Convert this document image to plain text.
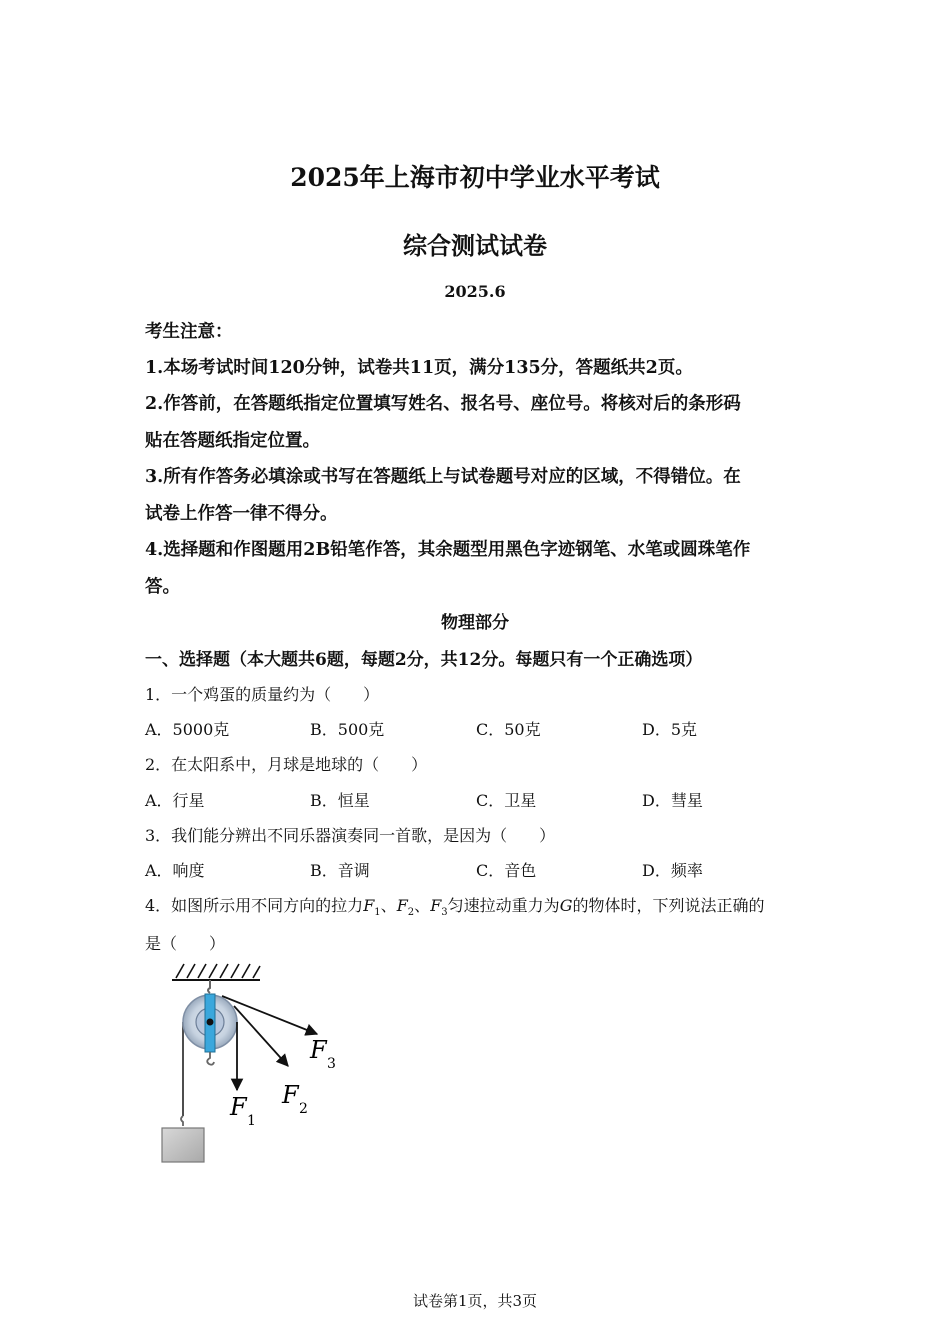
2025年上海市初中学业水平考试
综合测试试卷
2025.6
考生注意：
1.本场考试时间120分钟，试卷共11页，满分135分，答题纸共2页。
2.作答前，在答题纸指定位置填写姓名、报名号、座位号。将核对后的条形码
贴在答题纸指定位置。
3.所有作答务必填涂或书写在答题纸上与试卷题号对应的区域，不得错位。在
试卷上作答一律不得分。
4.选择题和作图题用2B铅笔作答，其余题型用黑色字迹钢笔、水笔或圆珠笔作
答。
物理部分
一、选择题（本大题共6题，每题2分，共12分。每题只有一个正确选项）
1．一个鸡蛋的质量约为（　　）
A．5000克	B．500克	C．50克	D．5克
2．在太阳系中，月球是地球的（　　）
A．行星	B．恒星	C．卫星	D．彗星
3．我们能分辨出不同乐器演奏同一首歌，是因为（　　）
A．响度	B．音调	C．音色	D．频率
4．如图所示用不同方向的拉力$F_1$、$F_2$、$F_3$匀速拉动重力为G的物体时，下列说法正确的
是（　　）
F 1
F 2
F 3
试卷第1页，共3页
